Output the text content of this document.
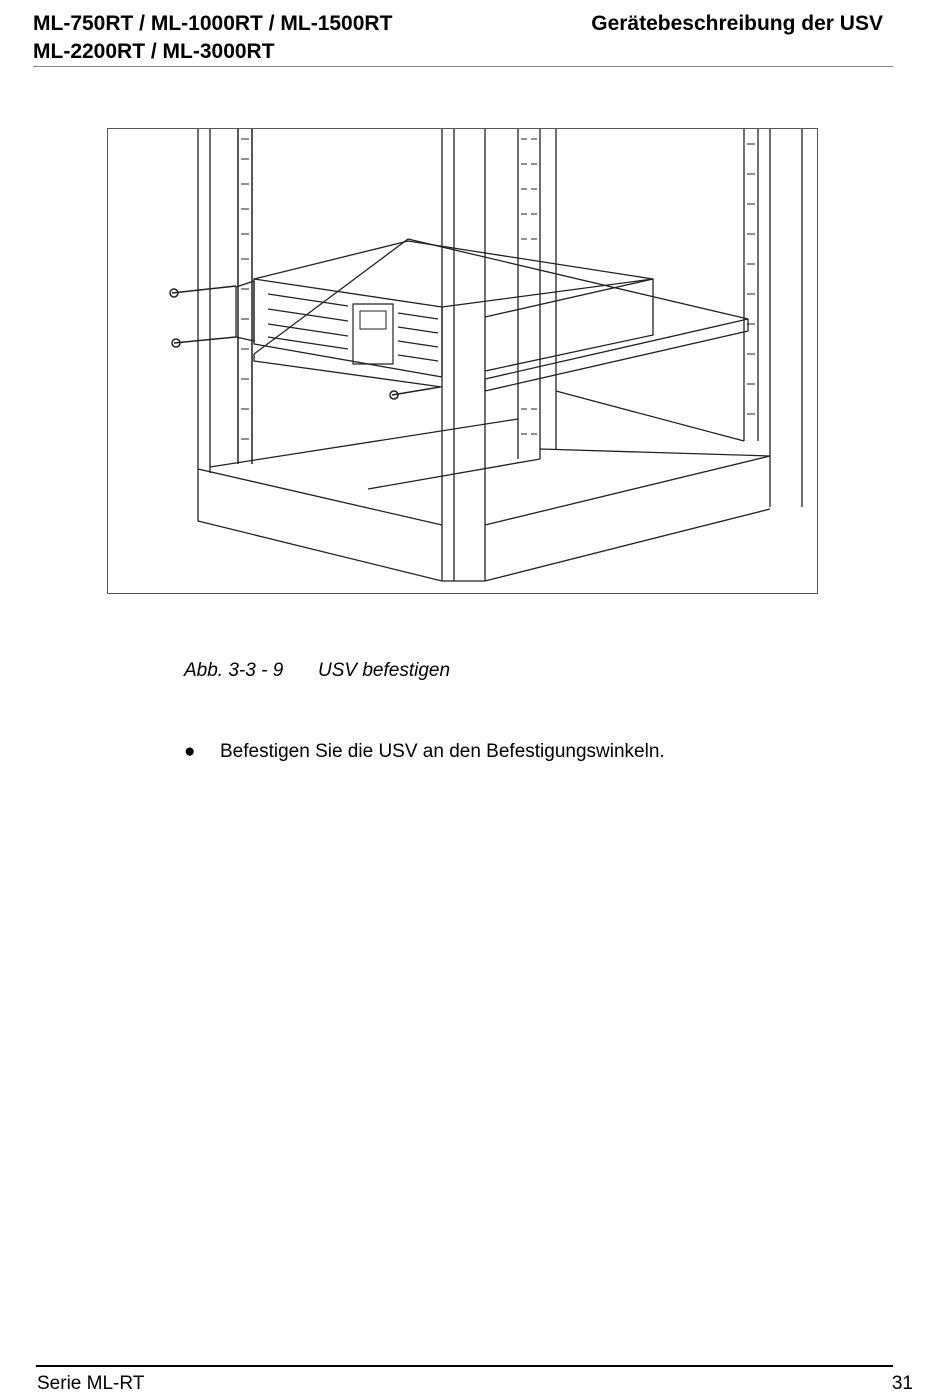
ML-750RT / ML-1000RT / ML-1500RT
ML-2200RT / ML-3000RT
Gerätebeschreibung der USV
Abb. 3-3 - 9 USV befestigen
● Befestigen Sie die USV an den Befestigungswinkeln.
Serie ML-RT	31
